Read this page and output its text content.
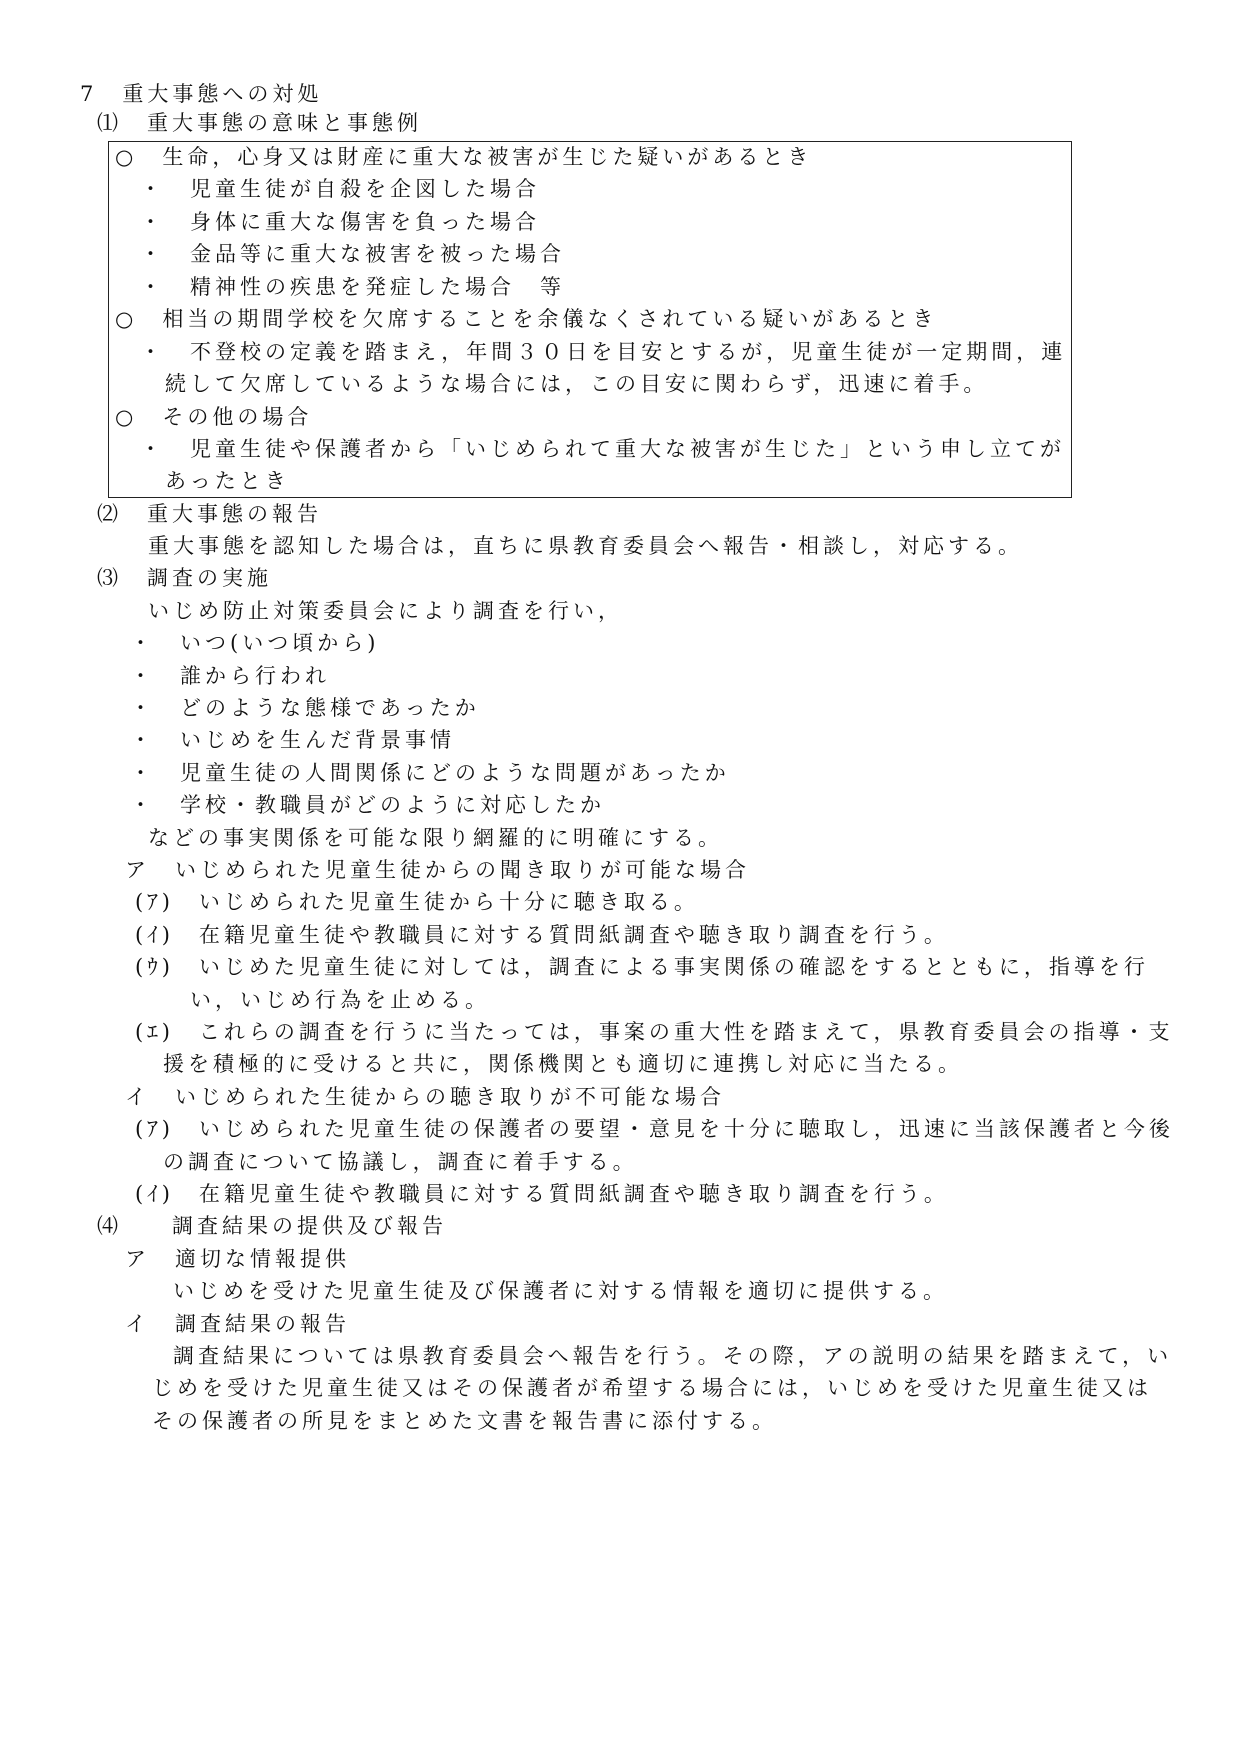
7　重大事態への対処
⑴　重大事態の意味と事態例
○　生命，心身又は財産に重大な被害が生じた疑いがあるとき
・　児童生徒が自殺を企図した場合
・　身体に重大な傷害を負った場合
・　金品等に重大な被害を被った場合
・　精神性の疾患を発症した場合　等
○　相当の期間学校を欠席することを余儀なくされている疑いがあるとき
・　不登校の定義を踏まえ，年間３０日を目安とするが，児童生徒が一定期間，連
続して欠席しているような場合には，この目安に関わらず，迅速に着手。
○　その他の場合
・　児童生徒や保護者から「いじめられて重大な被害が生じた」という申し立てが
あったとき
⑵　重大事態の報告
重大事態を認知した場合は，直ちに県教育委員会へ報告・相談し，対応する。
⑶　調査の実施
いじめ防止対策委員会により調査を行い，
・　いつ(いつ頃から)
・　誰から行われ
・　どのような態様であったか
・　いじめを生んだ背景事情
・　児童生徒の人間関係にどのような問題があったか
・　学校・教職員がどのように対応したか
などの事実関係を可能な限り網羅的に明確にする。
ア　いじめられた児童生徒からの聞き取りが可能な場合
(ｱ)　いじめられた児童生徒から十分に聴き取る。
(ｲ)　在籍児童生徒や教職員に対する質問紙調査や聴き取り調査を行う。
(ｳ)　いじめた児童生徒に対しては，調査による事実関係の確認をするとともに，指導を行
い，いじめ行為を止める。
(ｴ)　これらの調査を行うに当たっては，事案の重大性を踏まえて，県教育委員会の指導・支
援を積極的に受けると共に，関係機関とも適切に連携し対応に当たる。
イ　いじめられた生徒からの聴き取りが不可能な場合
(ｱ)　いじめられた児童生徒の保護者の要望・意見を十分に聴取し，迅速に当該保護者と今後
の調査について協議し，調査に着手する。
(ｲ)　在籍児童生徒や教職員に対する質問紙調査や聴き取り調査を行う。
⑷　　調査結果の提供及び報告
ア　適切な情報提供
いじめを受けた児童生徒及び保護者に対する情報を適切に提供する。
イ　調査結果の報告
調査結果については県教育委員会へ報告を行う。その際，アの説明の結果を踏まえて，い
じめを受けた児童生徒又はその保護者が希望する場合には，いじめを受けた児童生徒又は
その保護者の所見をまとめた文書を報告書に添付する。
